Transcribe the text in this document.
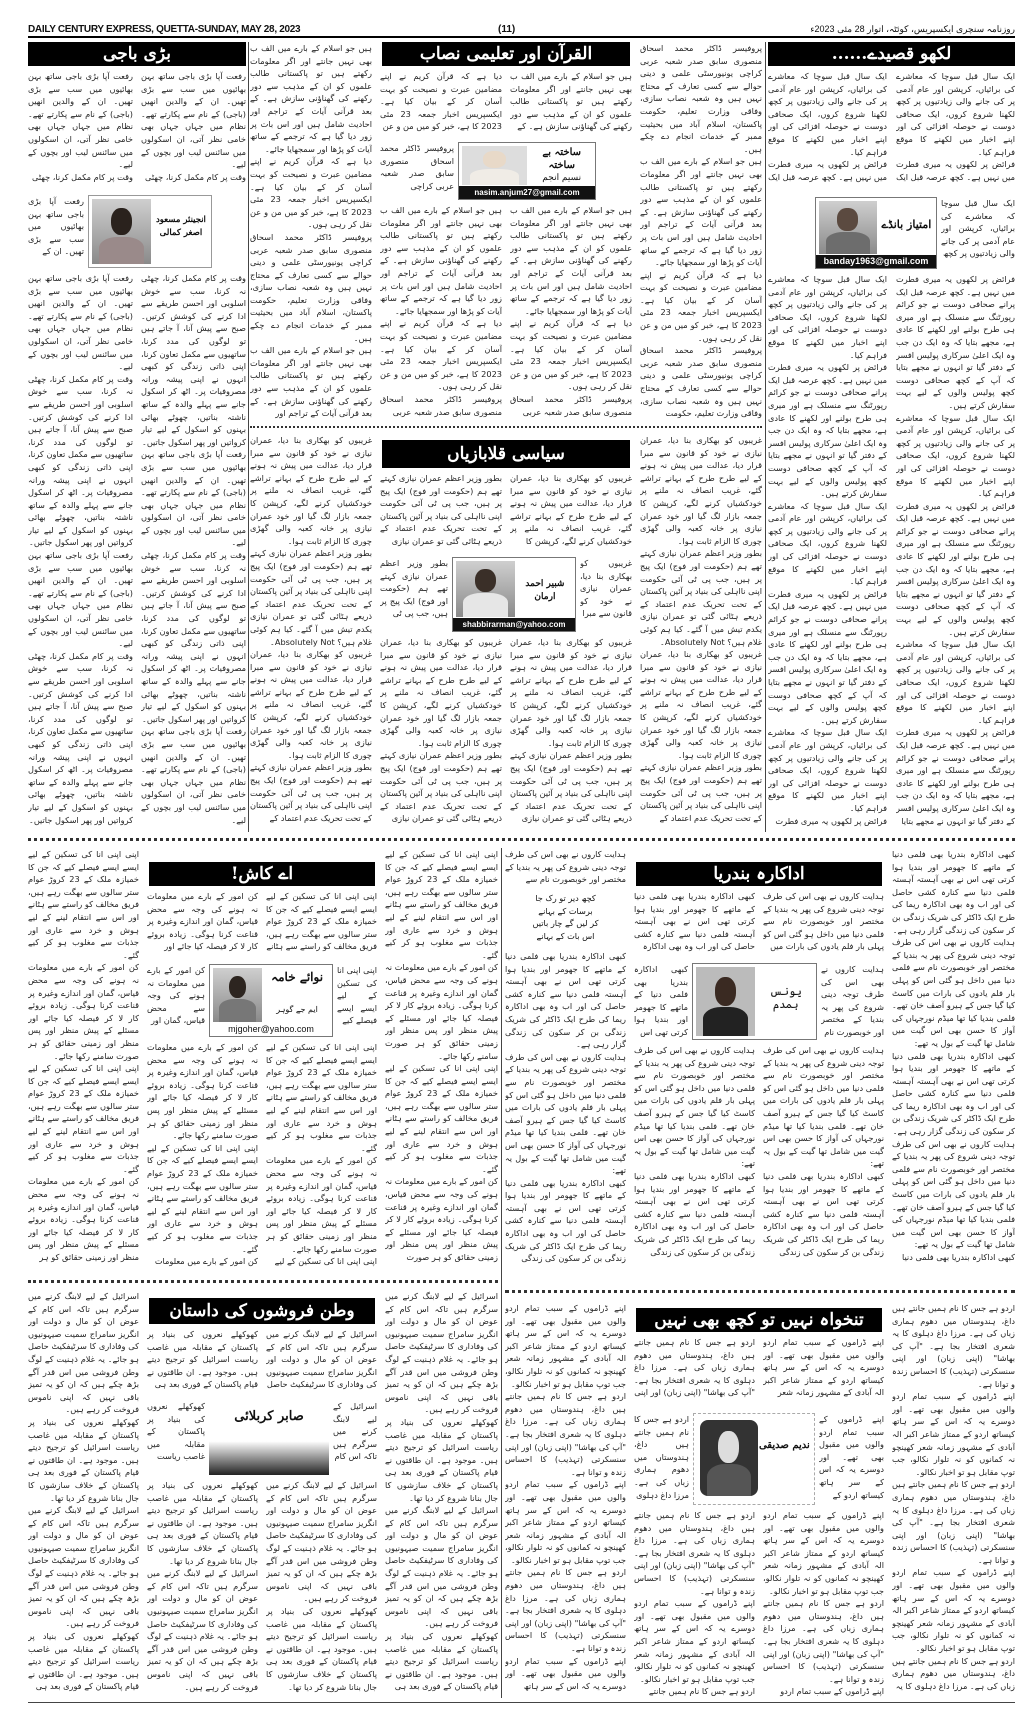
DAILY CENTURY EXPRESS, QUETTA-SUNDAY, MAY 28, 2023	(11)	روزنامہ سنچری ایکسپریس، کوئٹہ، اتوار 28 مئی 2023ء
لکھو قصیدے......

ایک سال قبل سوچا کہ معاشرے کی برائیاں، کرپشن اور عام آدمی پر کی جانے والی زیادتیوں پر کچھ لکھنا شروع کروں، ایک صحافی دوست نے حوصلہ افزائی کی اور اپنے اخبار میں لکھنے کا موقع فراہم کیا۔

فرائض پر لکھوں یہ میری فطرت میں نہیں ہے۔ کچھ عرصہ قبل ایک

ایک سال قبل سوچا کہ معاشرے کی برائیاں، کرپشن اور عام آدمی پر کی جانے والی زیادتیوں پر کچھ لکھنا شروع کروں، ایک صحافی دوست نے حوصلہ افزائی کی اور اپنے اخبار میں لکھنے کا موقع فراہم کیا۔

فرائض پر لکھوں یہ میری فطرت میں نہیں ہے۔ کچھ عرصہ قبل ایک

ایک سال قبل سوچا کہ معاشرے کی برائیاں، کرپشن اور عام آدمی پر کی جانے والی زیادتیوں پر کچھ

فرائض پر لکھوں یہ میری فطرت میں نہیں ہے۔ کچھ عرصہ قبل ایک پرانے صحافی دوست نے جو کرائم رپورٹنگ سے منسلک ہے اور میری ہی طرح بولنے اور لکھنے کا عادی ہے، مجھے بتایا کہ وہ ایک دن جب وہ ایک اعلیٰ سرکاری پولیس افسر کے دفتر گیا تو انہوں نے مجھے بتایا کہ آپ کے کچھ صحافی دوست کچھ پولیس والوں کے لیے بہت سفارش کرتے ہیں۔

ایک سال قبل سوچا کہ معاشرے کی برائیاں، کرپشن اور عام آدمی پر کی جانے والی زیادتیوں پر کچھ لکھنا شروع کروں، ایک صحافی دوست نے حوصلہ افزائی کی اور اپنے اخبار میں لکھنے کا موقع فراہم کیا۔

فرائض پر لکھوں یہ میری فطرت میں نہیں ہے۔ کچھ عرصہ قبل ایک پرانے صحافی دوست نے جو کرائم رپورٹنگ سے منسلک ہے اور میری ہی طرح بولنے اور لکھنے کا عادی ہے، مجھے بتایا کہ وہ ایک دن جب وہ ایک اعلیٰ سرکاری پولیس افسر کے دفتر گیا تو انہوں نے مجھے بتایا کہ آپ کے کچھ صحافی دوست کچھ پولیس والوں کے لیے بہت سفارش کرتے ہیں۔

ایک سال قبل سوچا کہ معاشرے کی برائیاں، کرپشن اور عام آدمی پر کی جانے والی زیادتیوں پر کچھ لکھنا شروع کروں، ایک صحافی دوست نے حوصلہ افزائی کی اور اپنے اخبار میں لکھنے کا موقع فراہم کیا۔

فرائض پر لکھوں یہ میری فطرت میں نہیں ہے۔ کچھ عرصہ قبل ایک پرانے صحافی دوست نے جو کرائم رپورٹنگ سے منسلک ہے اور میری ہی طرح بولنے اور لکھنے کا عادی ہے، مجھے بتایا کہ وہ ایک دن جب وہ ایک اعلیٰ سرکاری پولیس افسر کے دفتر گیا تو انہوں نے مجھے بتایا

ایک سال قبل سوچا کہ معاشرے کی برائیاں، کرپشن اور عام آدمی پر کی جانے والی زیادتیوں پر کچھ لکھنا شروع کروں، ایک صحافی دوست نے حوصلہ افزائی کی اور اپنے اخبار میں لکھنے کا موقع فراہم کیا۔

فرائض پر لکھوں یہ میری فطرت میں نہیں ہے۔ کچھ عرصہ قبل ایک پرانے صحافی دوست نے جو کرائم رپورٹنگ سے منسلک ہے اور میری ہی طرح بولنے اور لکھنے کا عادی ہے، مجھے بتایا کہ وہ ایک دن جب وہ ایک اعلیٰ سرکاری پولیس افسر کے دفتر گیا تو انہوں نے مجھے بتایا کہ آپ کے کچھ صحافی دوست کچھ پولیس والوں کے لیے بہت سفارش کرتے ہیں۔

ایک سال قبل سوچا کہ معاشرے کی برائیاں، کرپشن اور عام آدمی پر کی جانے والی زیادتیوں پر کچھ لکھنا شروع کروں، ایک صحافی دوست نے حوصلہ افزائی کی اور اپنے اخبار میں لکھنے کا موقع فراہم کیا۔

فرائض پر لکھوں یہ میری فطرت میں نہیں ہے۔ کچھ عرصہ قبل ایک پرانے صحافی دوست نے جو کرائم رپورٹنگ سے منسلک ہے اور میری ہی طرح بولنے اور لکھنے کا عادی ہے، مجھے بتایا کہ وہ ایک دن جب وہ ایک اعلیٰ سرکاری پولیس افسر کے دفتر گیا تو انہوں نے مجھے بتایا کہ آپ کے کچھ صحافی دوست کچھ پولیس والوں کے لیے بہت سفارش کرتے ہیں۔

ایک سال قبل سوچا کہ معاشرے کی برائیاں، کرپشن اور عام آدمی پر کی جانے والی زیادتیوں پر کچھ لکھنا شروع کروں، ایک صحافی دوست نے حوصلہ افزائی کی اور اپنے اخبار میں لکھنے کا موقع فراہم کیا۔

فرائض پر لکھوں یہ میری فطرت

امتیاز بانڈے
banday1963@gmail.com
القرآن اور تعلیمی نصاب	پروفیسر ڈاکٹر محمد اسحاق منصوری سابق صدر شعبہ عربی کراچی یونیورسٹی علمی و دینی حوالے سے کسی تعارف کے محتاج نہیں ہیں وہ شعبہ نصاب سازی، وفاقی وزارت تعلیم، حکومت پاکستان، اسلام آباد میں بحیثیت ممبر کے خدمات انجام دے چکے ہیں۔

ہیں جو اسلام کے بارے میں الف ب بھی نہیں جانتے اور اگر معلومات رکھتے ہیں تو پاکستانی طالب علموں کو ان کے مذہب سے دور رکھنے کی گھناؤنی سازش ہے۔ کے بعد قرآنی آیات کے تراجم اور احادیث شامل ہیں اور اس بات پر زور دیا گیا ہے کہ ترجمے کے ساتھ آیات کو پڑھا اور سمجھایا جائے۔

دیا ہے کہ قرآن کریم نے اپنے مضامین عبرت و نصیحت کو بہت آسان کر کے بیان کیا ہے۔ ایکسپریس اخبار جمعہ 23 مئی 2023 کا ہے، خبر کو میں من و عن نقل کر رہی ہوں۔

پروفیسر ڈاکٹر محمد اسحاق منصوری سابق صدر شعبہ عربی کراچی یونیورسٹی علمی و دینی حوالے سے کسی تعارف کے محتاج نہیں ہیں وہ شعبہ نصاب سازی، وفاقی وزارت تعلیم، حکومت

ہیں جو اسلام کے بارے میں الف ب بھی نہیں جانتے اور اگر معلومات رکھتے ہیں تو پاکستانی طالب علموں کو ان کے مذہب سے دور رکھنے کی گھناؤنی سازش ہے۔ کے

دیا ہے کہ قرآن کریم نے اپنے مضامین عبرت و نصیحت کو بہت آسان کر کے بیان کیا ہے۔ ایکسپریس اخبار جمعہ 23 مئی 2023 کا ہے، خبر کو میں من و عن

پروفیسر ڈاکٹر محمد اسحاق منصوری سابق صدر شعبہ عربی کراچی

ہیں جو اسلام کے بارے میں الف ب بھی نہیں جانتے اور اگر معلومات رکھتے ہیں تو پاکستانی طالب علموں کو ان کے مذہب سے دور رکھنے کی گھناؤنی سازش ہے۔ کے بعد قرآنی آیات کے تراجم اور احادیث شامل ہیں اور اس بات پر زور دیا گیا ہے کہ ترجمے کے ساتھ آیات کو پڑھا اور سمجھایا جائے۔

دیا ہے کہ قرآن کریم نے اپنے مضامین عبرت و نصیحت کو بہت آسان کر کے بیان کیا ہے۔ ایکسپریس اخبار جمعہ 23 مئی 2023 کا ہے، خبر کو میں من و عن نقل کر رہی ہوں۔

پروفیسر ڈاکٹر محمد اسحاق منصوری سابق صدر شعبہ عربی

ہیں جو اسلام کے بارے میں الف ب بھی نہیں جانتے اور اگر معلومات رکھتے ہیں تو پاکستانی طالب علموں کو ان کے مذہب سے دور رکھنے کی گھناؤنی سازش ہے۔ کے بعد قرآنی آیات کے تراجم اور احادیث شامل ہیں اور اس بات پر زور دیا گیا ہے کہ ترجمے کے ساتھ آیات کو پڑھا اور سمجھایا جائے۔

دیا ہے کہ قرآن کریم نے اپنے مضامین عبرت و نصیحت کو بہت آسان کر کے بیان کیا ہے۔ ایکسپریس اخبار جمعہ 23 مئی 2023 کا ہے، خبر کو میں من و عن نقل کر رہی ہوں۔

پروفیسر ڈاکٹر محمد اسحاق منصوری سابق صدر شعبہ عربی

ہیں جو اسلام کے بارے میں الف ب بھی نہیں جانتے اور اگر معلومات رکھتے ہیں تو پاکستانی طالب علموں کو ان کے مذہب سے دور رکھنے کی گھناؤنی سازش ہے۔ کے بعد قرآنی آیات کے تراجم اور احادیث شامل ہیں اور اس بات پر زور دیا گیا ہے کہ ترجمے کے ساتھ آیات کو پڑھا اور سمجھایا جائے۔

دیا ہے کہ قرآن کریم نے اپنے مضامین عبرت و نصیحت کو بہت آسان کر کے بیان کیا ہے۔ ایکسپریس اخبار جمعہ 23 مئی 2023 کا ہے، خبر کو میں من و عن نقل کر رہی ہوں۔

پروفیسر ڈاکٹر محمد اسحاق منصوری سابق صدر شعبہ عربی کراچی یونیورسٹی علمی و دینی حوالے سے کسی تعارف کے محتاج نہیں ہیں وہ شعبہ نصاب سازی، وفاقی وزارت تعلیم، حکومت پاکستان، اسلام آباد میں بحیثیت ممبر کے خدمات انجام دے چکے ہیں۔

ہیں جو اسلام کے بارے میں الف ب بھی نہیں جانتے اور اگر معلومات رکھتے ہیں تو پاکستانی طالب علموں کو ان کے مذہب سے دور رکھنے کی گھناؤنی سازش ہے۔ کے بعد قرآنی آیات کے تراجم اور

ساختہ بے ساختہ
نسیم انجم
nasim.anjum27@gmail.com
سیاسی قلابازیاں

غریبوں کو بھکاری بنا دیا، عمران نیازی نے خود کو قانون سے مبرا قرار دیا، عدالت میں پیش نہ ہونے کے لیے طرح طرح کے بہانے تراشے گئے، غریب انصاف نہ ملنے پر خودکشیاں کرنے لگے، کرپشن کا جمعہ بازار لگ گیا اور خود عمران نیازی پر خانہ کعبہ والی گھڑی چوری کا الزام ثابت ہوا۔

بطور وزیر اعظم عمران نیازی کہتے تھے ہم (حکومت اور فوج) ایک پیج پر ہیں، جب پی ٹی آئی حکومت اپنی نااہلی کی بنیاد پر آئین پاکستان کے تحت تحریک عدم اعتماد کے ذریعے ہٹائی گئی تو عمران نیازی یکدم تیش میں آ گئے۔ کیا ہم کوئی غلام ہیں؟ Absolutely Not۔

غریبوں کو بھکاری بنا دیا، عمران نیازی نے خود کو قانون سے مبرا قرار دیا، عدالت میں پیش نہ ہونے کے لیے طرح طرح کے بہانے تراشے گئے، غریب انصاف نہ ملنے پر خودکشیاں کرنے لگے، کرپشن کا جمعہ بازار لگ گیا اور خود عمران نیازی پر خانہ کعبہ والی گھڑی چوری کا الزام ثابت ہوا۔

بطور وزیر اعظم عمران نیازی کہتے تھے ہم (حکومت اور فوج) ایک پیج پر ہیں، جب پی ٹی آئی حکومت اپنی نااہلی کی بنیاد پر آئین پاکستان کے تحت تحریک عدم اعتماد کے

غریبوں کو بھکاری بنا دیا، عمران نیازی نے خود کو قانون سے مبرا قرار دیا، عدالت میں پیش نہ ہونے کے لیے طرح طرح کے بہانے تراشے گئے، غریب انصاف نہ ملنے پر خودکشیاں کرنے لگے، کرپشن کا

بطور وزیر اعظم عمران نیازی کہتے تھے ہم (حکومت اور فوج) ایک پیج پر ہیں، جب پی ٹی آئی حکومت اپنی نااہلی کی بنیاد پر آئین پاکستان کے تحت تحریک عدم اعتماد کے ذریعے ہٹائی گئی تو عمران نیازی

غریبوں کو بھکاری بنا دیا، عمران نیازی نے خود کو قانون سے مبرا

بطور وزیر اعظم عمران نیازی کہتے تھے ہم (حکومت اور فوج) ایک پیج پر ہیں، جب پی ٹی

غریبوں کو بھکاری بنا دیا، عمران نیازی نے خود کو قانون سے مبرا قرار دیا، عدالت میں پیش نہ ہونے کے لیے طرح طرح کے بہانے تراشے گئے، غریب انصاف نہ ملنے پر خودکشیاں کرنے لگے، کرپشن کا جمعہ بازار لگ گیا اور خود عمران نیازی پر خانہ کعبہ والی گھڑی چوری کا الزام ثابت ہوا۔

بطور وزیر اعظم عمران نیازی کہتے تھے ہم (حکومت اور فوج) ایک پیج پر ہیں، جب پی ٹی آئی حکومت اپنی نااہلی کی بنیاد پر آئین پاکستان کے تحت تحریک عدم اعتماد کے ذریعے ہٹائی گئی تو عمران نیازی

غریبوں کو بھکاری بنا دیا، عمران نیازی نے خود کو قانون سے مبرا قرار دیا، عدالت میں پیش نہ ہونے کے لیے طرح طرح کے بہانے تراشے گئے، غریب انصاف نہ ملنے پر خودکشیاں کرنے لگے، کرپشن کا جمعہ بازار لگ گیا اور خود عمران نیازی پر خانہ کعبہ والی گھڑی چوری کا الزام ثابت ہوا۔

بطور وزیر اعظم عمران نیازی کہتے تھے ہم (حکومت اور فوج) ایک پیج پر ہیں، جب پی ٹی آئی حکومت اپنی نااہلی کی بنیاد پر آئین پاکستان کے تحت تحریک عدم اعتماد کے ذریعے ہٹائی گئی تو عمران نیازی

غریبوں کو بھکاری بنا دیا، عمران نیازی نے خود کو قانون سے مبرا قرار دیا، عدالت میں پیش نہ ہونے کے لیے طرح طرح کے بہانے تراشے گئے، غریب انصاف نہ ملنے پر خودکشیاں کرنے لگے، کرپشن کا جمعہ بازار لگ گیا اور خود عمران نیازی پر خانہ کعبہ والی گھڑی چوری کا الزام ثابت ہوا۔

بطور وزیر اعظم عمران نیازی کہتے تھے ہم (حکومت اور فوج) ایک پیج پر ہیں، جب پی ٹی آئی حکومت اپنی نااہلی کی بنیاد پر آئین پاکستان کے تحت تحریک عدم اعتماد کے ذریعے ہٹائی گئی تو عمران نیازی یکدم تیش میں آ گئے۔ کیا ہم کوئی غلام ہیں؟ Absolutely Not۔

غریبوں کو بھکاری بنا دیا، عمران نیازی نے خود کو قانون سے مبرا قرار دیا، عدالت میں پیش نہ ہونے کے لیے طرح طرح کے بہانے تراشے گئے، غریب انصاف نہ ملنے پر خودکشیاں کرنے لگے، کرپشن کا جمعہ بازار لگ گیا اور خود عمران نیازی پر خانہ کعبہ والی گھڑی چوری کا الزام ثابت ہوا۔

بطور وزیر اعظم عمران نیازی کہتے تھے ہم (حکومت اور فوج) ایک پیج پر ہیں، جب پی ٹی آئی حکومت اپنی نااہلی کی بنیاد پر آئین پاکستان کے تحت تحریک عدم اعتماد کے

شبیر احمد ارمان
shabbirarman@yahoo.com
بڑی باجی

رفعت آپا بڑی باجی ساتھ بہن بھائیوں میں سب سے بڑی تھیں۔ ان کے والدین انھیں (باجی) کے نام سے پکارتے تھے۔ نظام میں جہاں جہاں بھی خامی نظر آتی، ان اسکولوں میں سائنس لیب اور بچوں کے لیے۔

وقت پر کام مکمل کرنا، چھٹی

رفعت آپا بڑی باجی ساتھ بہن بھائیوں میں سب سے بڑی تھیں۔ ان کے والدین انھیں (باجی) کے نام سے پکارتے تھے۔ نظام میں جہاں جہاں بھی خامی نظر آتی، ان اسکولوں میں سائنس لیب اور بچوں کے لیے۔

وقت پر کام مکمل کرنا، چھٹی

رفعت آپا بڑی باجی ساتھ بہن بھائیوں میں سب سے بڑی تھیں۔ ان کے

وقت پر کام مکمل کرنا، چھٹی نہ کرنا، سب سے خوش اسلوبی اور احسن طریقے سے ادا کرنے کی کوشش کرتیں۔ صبح سے پیش آنا، آ جاتے ہیں تو لوگوں کی مدد کرنا، ساتھیوں سے مکمل تعاون کرنا، اپنی ذاتی زندگی کو کبھی انہوں نے اپنی پیشہ ورانہ مصروفیات پر۔ اٹھ کر اسکول جانے سے پہلے والدہ کے ساتھ ناشتہ بناتیں، چھوٹے بھائی بہنوں کو اسکول کے لیے تیار کرواتیں اور پھر اسکول جاتیں۔

رفعت آپا بڑی باجی ساتھ بہن بھائیوں میں سب سے بڑی تھیں۔ ان کے والدین انھیں (باجی) کے نام سے پکارتے تھے۔ نظام میں جہاں جہاں بھی خامی نظر آتی، ان اسکولوں میں سائنس لیب اور بچوں کے لیے۔

وقت پر کام مکمل کرنا، چھٹی نہ کرنا، سب سے خوش اسلوبی اور احسن طریقے سے ادا کرنے کی کوشش کرتیں۔ صبح سے پیش آنا، آ جاتے ہیں تو لوگوں کی مدد کرنا، ساتھیوں سے مکمل تعاون کرنا، اپنی ذاتی زندگی کو کبھی انہوں نے اپنی پیشہ ورانہ مصروفیات پر۔ اٹھ کر اسکول جانے سے پہلے والدہ کے ساتھ ناشتہ بناتیں، چھوٹے بھائی بہنوں کو اسکول کے لیے تیار کرواتیں اور پھر اسکول جاتیں۔

رفعت آپا بڑی باجی ساتھ بہن بھائیوں میں سب سے بڑی تھیں۔ ان کے والدین انھیں (باجی) کے نام سے پکارتے تھے۔ نظام میں جہاں جہاں بھی خامی نظر آتی، ان اسکولوں میں سائنس لیب اور بچوں کے لیے۔

رفعت آپا بڑی باجی ساتھ بہن بھائیوں میں سب سے بڑی تھیں۔ ان کے والدین انھیں (باجی) کے نام سے پکارتے تھے۔ نظام میں جہاں جہاں بھی خامی نظر آتی، ان اسکولوں میں سائنس لیب اور بچوں کے لیے۔

وقت پر کام مکمل کرنا، چھٹی نہ کرنا، سب سے خوش اسلوبی اور احسن طریقے سے ادا کرنے کی کوشش کرتیں۔ صبح سے پیش آنا، آ جاتے ہیں تو لوگوں کی مدد کرنا، ساتھیوں سے مکمل تعاون کرنا، اپنی ذاتی زندگی کو کبھی انہوں نے اپنی پیشہ ورانہ مصروفیات پر۔ اٹھ کر اسکول جانے سے پہلے والدہ کے ساتھ ناشتہ بناتیں، چھوٹے بھائی بہنوں کو اسکول کے لیے تیار کرواتیں اور پھر اسکول جاتیں۔

رفعت آپا بڑی باجی ساتھ بہن بھائیوں میں سب سے بڑی تھیں۔ ان کے والدین انھیں (باجی) کے نام سے پکارتے تھے۔ نظام میں جہاں جہاں بھی خامی نظر آتی، ان اسکولوں میں سائنس لیب اور بچوں کے لیے۔

وقت پر کام مکمل کرنا، چھٹی نہ کرنا، سب سے خوش اسلوبی اور احسن طریقے سے ادا کرنے کی کوشش کرتیں۔ صبح سے پیش آنا، آ جاتے ہیں تو لوگوں کی مدد کرنا، ساتھیوں سے مکمل تعاون کرنا، اپنی ذاتی زندگی کو کبھی انہوں نے اپنی پیشہ ورانہ مصروفیات پر۔ اٹھ کر اسکول جانے سے پہلے والدہ کے ساتھ ناشتہ بناتیں، چھوٹے بھائی بہنوں کو اسکول کے لیے تیار کرواتیں اور پھر اسکول جاتیں۔

انجینئر مسعود اصغر کمالی
اداکارہ بندریا

کبھی اداکارہ بندریا بھی فلمی دنیا کے ماتھے کا جھومر اور بندیا ہوا کرتی تھی اس نے بھی آہستہ آہستہ فلمی دنیا سے کنارہ کشی حاصل کی اور اب وہ بھی اداکارہ ریما کی طرح ایک ڈاکٹر کی شریک زندگی بن کر سکون کی زندگی گزار رہی ہے۔

ہدایت کاروں نے بھی اس کی طرف توجہ دینی شروع کی پھر یہ بندیا کے مختصر اور خوبصورت نام سے فلمی دنیا میں داخل ہو گئی اس کو پہلی بار فلم یادوں کی بارات میں کاسٹ کیا گیا جس کے ہیرو آصف خان تھے۔ فلمی بندیا کیا تھا میڈم نورجہاں کی آواز کا حسن بھی اس گیت میں شامل تھا گیت کے بول یہ تھے:

کبھی اداکارہ بندریا بھی فلمی دنیا کے ماتھے کا جھومر اور بندیا ہوا کرتی تھی اس نے بھی آہستہ آہستہ فلمی دنیا سے کنارہ کشی حاصل کی اور اب وہ بھی اداکارہ ریما کی طرح ایک ڈاکٹر کی شریک زندگی بن کر سکون کی زندگی گزار رہی ہے۔

ہدایت کاروں نے بھی اس کی طرف توجہ دینی شروع کی پھر یہ بندیا کے مختصر اور خوبصورت نام سے فلمی دنیا میں داخل ہو گئی اس کو پہلی بار فلم یادوں کی بارات میں کاسٹ کیا گیا جس کے ہیرو آصف خان تھے۔ فلمی بندیا کیا تھا میڈم نورجہاں کی آواز کا حسن بھی اس گیت میں شامل تھا گیت کے بول یہ تھے:

کبھی اداکارہ بندریا بھی فلمی دنیا

ہدایت کاروں نے بھی اس کی طرف توجہ دینی شروع کی پھر یہ بندیا کے مختصر اور خوبصورت نام سے فلمی دنیا میں داخل ہو گئی اس کو پہلی بار فلم یادوں کی بارات میں

کبھی اداکارہ بندریا بھی فلمی دنیا کے ماتھے کا جھومر اور بندیا ہوا کرتی تھی اس نے بھی آہستہ آہستہ فلمی دنیا سے کنارہ کشی حاصل کی اور اب وہ بھی اداکارہ

ہدایت کاروں نے بھی اس کی طرف توجہ دینی شروع کی پھر یہ بندیا کے مختصر اور خوبصورت نام

کبھی اداکارہ بندریا بھی فلمی دنیا کے ماتھے کا جھومر اور بندیا ہوا کرتی تھی اس

ہدایت کاروں نے بھی اس کی طرف توجہ دینی شروع کی پھر یہ بندیا کے مختصر اور خوبصورت نام سے فلمی دنیا میں داخل ہو گئی اس کو پہلی بار فلم یادوں کی بارات میں کاسٹ کیا گیا جس کے ہیرو آصف خان تھے۔ فلمی بندیا کیا تھا میڈم نورجہاں کی آواز کا حسن بھی اس گیت میں شامل تھا گیت کے بول یہ تھے:

کبھی اداکارہ بندریا بھی فلمی دنیا کے ماتھے کا جھومر اور بندیا ہوا کرتی تھی اس نے بھی آہستہ آہستہ فلمی دنیا سے کنارہ کشی حاصل کی اور اب وہ بھی اداکارہ ریما کی طرح ایک ڈاکٹر کی شریک زندگی بن کر سکون کی زندگی

ہدایت کاروں نے بھی اس کی طرف توجہ دینی شروع کی پھر یہ بندیا کے مختصر اور خوبصورت نام سے فلمی دنیا میں داخل ہو گئی اس کو پہلی بار فلم یادوں کی بارات میں کاسٹ کیا گیا جس کے ہیرو آصف خان تھے۔ فلمی بندیا کیا تھا میڈم نورجہاں کی آواز کا حسن بھی اس گیت میں شامل تھا گیت کے بول یہ تھے:

کبھی اداکارہ بندریا بھی فلمی دنیا کے ماتھے کا جھومر اور بندیا ہوا کرتی تھی اس نے بھی آہستہ آہستہ فلمی دنیا سے کنارہ کشی حاصل کی اور اب وہ بھی اداکارہ ریما کی طرح ایک ڈاکٹر کی شریک زندگی بن کر سکون کی زندگی

ہدایت کاروں نے بھی اس کی طرف توجہ دینی شروع کی پھر یہ بندیا کے مختصر اور خوبصورت نام سے

کچھ دیر تو رک جا
برسات کے بہانے
کر لیں گے چار باتیں
اس بات کے بہانے

کبھی اداکارہ بندریا بھی فلمی دنیا کے ماتھے کا جھومر اور بندیا ہوا کرتی تھی اس نے بھی آہستہ آہستہ فلمی دنیا سے کنارہ کشی حاصل کی اور اب وہ بھی اداکارہ ریما کی طرح ایک ڈاکٹر کی شریک زندگی بن کر سکون کی زندگی گزار رہی ہے۔

ہدایت کاروں نے بھی اس کی طرف توجہ دینی شروع کی پھر یہ بندیا کے مختصر اور خوبصورت نام سے فلمی دنیا میں داخل ہو گئی اس کو پہلی بار فلم یادوں کی بارات میں کاسٹ کیا گیا جس کے ہیرو آصف خان تھے۔ فلمی بندیا کیا تھا میڈم نورجہاں کی آواز کا حسن بھی اس گیت میں شامل تھا گیت کے بول یہ تھے:

کبھی اداکارہ بندریا بھی فلمی دنیا کے ماتھے کا جھومر اور بندیا ہوا کرتی تھی اس نے بھی آہستہ آہستہ فلمی دنیا سے کنارہ کشی حاصل کی اور اب وہ بھی اداکارہ ریما کی طرح ایک ڈاکٹر کی شریک زندگی بن کر سکون کی زندگی

یونس ہمدم
اے کاش!

اپنی اپنی انا کی تسکین کے لیے ایسے ایسے فیصلے کیے کہ جن کا خمیازہ ملک کے 23 کروڑ عوام ستر سالوں سے بھگت رہے ہیں، فریق مخالف کو راستے سے ہٹانے اور اس سے انتقام لینے کے لیے ہوش و خرد سے عاری اور جذبات سے مغلوب ہو کر کیے گئے۔

کن امور کے بارے میں معلومات نہ ہونے کی وجہ سے محض قیاس، گمان اور اندازے وغیرہ پر قناعت کرنا ہوگی۔ زیادہ بروئے کار لا کر فیصلہ کیا جائے اور مسئلے کے پیش منظر اور پس منظر اور زمینی حقائق کو ہر صورت سامنے رکھا جائے۔

اپنی اپنی انا کی تسکین کے لیے ایسے ایسے فیصلے کیے کہ جن کا خمیازہ ملک کے 23 کروڑ عوام ستر سالوں سے بھگت رہے ہیں، فریق مخالف کو راستے سے ہٹانے اور اس سے انتقام لینے کے لیے ہوش و خرد سے عاری اور جذبات سے مغلوب ہو کر کیے گئے۔

کن امور کے بارے میں معلومات نہ ہونے کی وجہ سے محض قیاس، گمان اور اندازے وغیرہ پر قناعت کرنا ہوگی۔ زیادہ بروئے کار لا کر فیصلہ کیا جائے اور مسئلے کے پیش منظر اور پس منظر اور زمینی حقائق کو ہر صورت

اپنی اپنی انا کی تسکین کے لیے ایسے ایسے فیصلے کیے کہ جن کا خمیازہ ملک کے 23 کروڑ عوام ستر سالوں سے بھگت رہے ہیں، فریق مخالف کو راستے سے ہٹانے

کن امور کے بارے میں معلومات نہ ہونے کی وجہ سے محض قیاس، گمان اور اندازے وغیرہ پر قناعت کرنا ہوگی۔ زیادہ بروئے کار لا کر فیصلہ کیا جائے اور

اپنی اپنی انا کی تسکین کے لیے ایسے ایسے فیصلے کیے

کن امور کے بارے میں معلومات نہ ہونے کی وجہ سے محض قیاس، گمان اور

اپنی اپنی انا کی تسکین کے لیے ایسے ایسے فیصلے کیے کہ جن کا خمیازہ ملک کے 23 کروڑ عوام ستر سالوں سے بھگت رہے ہیں، فریق مخالف کو راستے سے ہٹانے اور اس سے انتقام لینے کے لیے ہوش و خرد سے عاری اور جذبات سے مغلوب ہو کر کیے گئے۔

کن امور کے بارے میں معلومات نہ ہونے کی وجہ سے محض قیاس، گمان اور اندازے وغیرہ پر قناعت کرنا ہوگی۔ زیادہ بروئے کار لا کر فیصلہ کیا جائے اور مسئلے کے پیش منظر اور پس منظر اور زمینی حقائق کو ہر صورت سامنے رکھا جائے۔

اپنی اپنی انا کی تسکین کے لیے

کن امور کے بارے میں معلومات نہ ہونے کی وجہ سے محض قیاس، گمان اور اندازے وغیرہ پر قناعت کرنا ہوگی۔ زیادہ بروئے کار لا کر فیصلہ کیا جائے اور مسئلے کے پیش منظر اور پس منظر اور زمینی حقائق کو ہر صورت سامنے رکھا جائے۔

اپنی اپنی انا کی تسکین کے لیے ایسے ایسے فیصلے کیے کہ جن کا خمیازہ ملک کے 23 کروڑ عوام ستر سالوں سے بھگت رہے ہیں، فریق مخالف کو راستے سے ہٹانے اور اس سے انتقام لینے کے لیے ہوش و خرد سے عاری اور جذبات سے مغلوب ہو کر کیے گئے۔

کن امور کے بارے میں معلومات

اپنی اپنی انا کی تسکین کے لیے ایسے ایسے فیصلے کیے کہ جن کا خمیازہ ملک کے 23 کروڑ عوام ستر سالوں سے بھگت رہے ہیں، فریق مخالف کو راستے سے ہٹانے اور اس سے انتقام لینے کے لیے ہوش و خرد سے عاری اور جذبات سے مغلوب ہو کر کیے گئے۔

کن امور کے بارے میں معلومات نہ ہونے کی وجہ سے محض قیاس، گمان اور اندازے وغیرہ پر قناعت کرنا ہوگی۔ زیادہ بروئے کار لا کر فیصلہ کیا جائے اور مسئلے کے پیش منظر اور پس منظر اور زمینی حقائق کو ہر صورت سامنے رکھا جائے۔

اپنی اپنی انا کی تسکین کے لیے ایسے ایسے فیصلے کیے کہ جن کا خمیازہ ملک کے 23 کروڑ عوام ستر سالوں سے بھگت رہے ہیں، فریق مخالف کو راستے سے ہٹانے اور اس سے انتقام لینے کے لیے ہوش و خرد سے عاری اور جذبات سے مغلوب ہو کر کیے گئے۔

کن امور کے بارے میں معلومات نہ ہونے کی وجہ سے محض قیاس، گمان اور اندازے وغیرہ پر قناعت کرنا ہوگی۔ زیادہ بروئے کار لا کر فیصلہ کیا جائے اور مسئلے کے پیش منظر اور پس منظر اور زمینی حقائق کو ہر

نوائے خامہ
ایم جے گوہر
mjgoher@yahoo.com
وطن فروشوں کی داستان

اسرائیل کے لیے لابنگ کرنے میں سرگرم ہیں تاکہ اس کام کے عوض ان کو مال و دولت اور انگریز سامراج سمیت صیہونیوں کی وفاداری کا سرٹیفکیٹ حاصل ہو جائے۔ یہ غلام ذہنیت کے لوگ وطن فروشی میں اس قدر آگے بڑھ چکے ہیں کہ ان کو یہ تمیز باقی نہیں کہ اپنی ناموس فروخت کر رہے ہیں۔

کھوکھلے نعروں کی بنیاد پر پاکستان کے مقابلہ میں غاصب ریاست اسرائیل کو ترجیح دیتے ہیں۔ موجود ہے۔ ان طاقتوں نے قیام پاکستان کے فوری بعد ہی پاکستان کے خلاف سازشوں کا جال بنانا شروع کر دیا تھا۔

اسرائیل کے لیے لابنگ کرنے میں سرگرم ہیں تاکہ اس کام کے عوض ان کو مال و دولت اور انگریز سامراج سمیت صیہونیوں کی وفاداری کا سرٹیفکیٹ حاصل ہو جائے۔ یہ غلام ذہنیت کے لوگ وطن فروشی میں اس قدر آگے بڑھ چکے ہیں کہ ان کو یہ تمیز باقی نہیں کہ اپنی ناموس فروخت کر رہے ہیں۔

کھوکھلے نعروں کی بنیاد پر پاکستان کے مقابلہ میں غاصب ریاست اسرائیل کو ترجیح دیتے ہیں۔ موجود ہے۔ ان طاقتوں نے قیام پاکستان کے فوری بعد ہی

اسرائیل کے لیے لابنگ کرنے میں سرگرم ہیں تاکہ اس کام کے عوض ان کو مال و دولت اور انگریز سامراج سمیت صیہونیوں کی وفاداری کا سرٹیفکیٹ حاصل

کھوکھلے نعروں کی بنیاد پر پاکستان کے مقابلہ میں غاصب ریاست اسرائیل کو ترجیح دیتے ہیں۔ موجود ہے۔ ان طاقتوں نے قیام پاکستان کے فوری بعد ہی

اسرائیل کے لیے لابنگ کرنے میں سرگرم ہیں تاکہ اس کام

کھوکھلے نعروں کی بنیاد پر پاکستان کے مقابلہ میں غاصب ریاست

اسرائیل کے لیے لابنگ کرنے میں سرگرم ہیں تاکہ اس کام کے عوض ان کو مال و دولت اور انگریز سامراج سمیت صیہونیوں کی وفاداری کا سرٹیفکیٹ حاصل ہو جائے۔ یہ غلام ذہنیت کے لوگ وطن فروشی میں اس قدر آگے بڑھ چکے ہیں کہ ان کو یہ تمیز باقی نہیں کہ اپنی ناموس فروخت کر رہے ہیں۔

کھوکھلے نعروں کی بنیاد پر پاکستان کے مقابلہ میں غاصب ریاست اسرائیل کو ترجیح دیتے ہیں۔ موجود ہے۔ ان طاقتوں نے قیام پاکستان کے فوری بعد ہی پاکستان کے خلاف سازشوں کا جال بنانا شروع کر دیا تھا۔

کھوکھلے نعروں کی بنیاد پر پاکستان کے مقابلہ میں غاصب ریاست اسرائیل کو ترجیح دیتے ہیں۔ موجود ہے۔ ان طاقتوں نے قیام پاکستان کے فوری بعد ہی پاکستان کے خلاف سازشوں کا جال بنانا شروع کر دیا تھا۔

اسرائیل کے لیے لابنگ کرنے میں سرگرم ہیں تاکہ اس کام کے عوض ان کو مال و دولت اور انگریز سامراج سمیت صیہونیوں کی وفاداری کا سرٹیفکیٹ حاصل ہو جائے۔ یہ غلام ذہنیت کے لوگ وطن فروشی میں اس قدر آگے بڑھ چکے ہیں کہ ان کو یہ تمیز باقی نہیں کہ اپنی ناموس فروخت کر رہے ہیں۔

اسرائیل کے لیے لابنگ کرنے میں سرگرم ہیں تاکہ اس کام کے عوض ان کو مال و دولت اور انگریز سامراج سمیت صیہونیوں کی وفاداری کا سرٹیفکیٹ حاصل ہو جائے۔ یہ غلام ذہنیت کے لوگ وطن فروشی میں اس قدر آگے بڑھ چکے ہیں کہ ان کو یہ تمیز باقی نہیں کہ اپنی ناموس فروخت کر رہے ہیں۔

کھوکھلے نعروں کی بنیاد پر پاکستان کے مقابلہ میں غاصب ریاست اسرائیل کو ترجیح دیتے ہیں۔ موجود ہے۔ ان طاقتوں نے قیام پاکستان کے فوری بعد ہی پاکستان کے خلاف سازشوں کا جال بنانا شروع کر دیا تھا۔

اسرائیل کے لیے لابنگ کرنے میں سرگرم ہیں تاکہ اس کام کے عوض ان کو مال و دولت اور انگریز سامراج سمیت صیہونیوں کی وفاداری کا سرٹیفکیٹ حاصل ہو جائے۔ یہ غلام ذہنیت کے لوگ وطن فروشی میں اس قدر آگے بڑھ چکے ہیں کہ ان کو یہ تمیز باقی نہیں کہ اپنی ناموس فروخت کر رہے ہیں۔

کھوکھلے نعروں کی بنیاد پر پاکستان کے مقابلہ میں غاصب ریاست اسرائیل کو ترجیح دیتے ہیں۔ موجود ہے۔ ان طاقتوں نے قیام پاکستان کے فوری بعد ہی

صابر کربلائی
تنخواہ نہیں تو کچھ بھی نہیں

اردو ہے جس کا نام ہمیں جانتے ہیں داغ، ہندوستاں میں دھوم ہماری زباں کی ہے۔ مرزا داغ دہلوی کا یہ شعری افتخار بجا ہے۔ "آپ کی بھاشا" (اپنی زبان) اور اپنی سنسکرتی (تہذیب) کا احساس زندہ و توانا ہے۔

اپنے ڈراموں کے سبب تمام اردو والوں میں مقبول بھی تھے۔ اور دوسرے یہ کہ اس کے سر ہاتھ کیساتھ اردو کے ممتاز شاعر اکبر الہ آبادی کے مشہور زمانہ شعر کھینچو نہ کمانوں کو نہ تلوار نکالو، جب توپ مقابل ہو تو اخبار نکالو۔

اردو ہے جس کا نام ہمیں جانتے ہیں داغ، ہندوستاں میں دھوم ہماری زباں کی ہے۔ مرزا داغ دہلوی کا یہ شعری افتخار بجا ہے۔ "آپ کی بھاشا" (اپنی زبان) اور اپنی سنسکرتی (تہذیب) کا احساس زندہ و توانا ہے۔

اپنے ڈراموں کے سبب تمام اردو والوں میں مقبول بھی تھے۔ اور دوسرے یہ کہ اس کے سر ہاتھ کیساتھ اردو کے ممتاز شاعر اکبر الہ آبادی کے مشہور زمانہ شعر کھینچو نہ کمانوں کو نہ تلوار نکالو، جب توپ مقابل ہو تو اخبار نکالو۔

اردو ہے جس کا نام ہمیں جانتے ہیں داغ، ہندوستاں میں دھوم ہماری زباں کی ہے۔ مرزا داغ دہلوی کا یہ

اپنے ڈراموں کے سبب تمام اردو والوں میں مقبول بھی تھے۔ اور دوسرے یہ کہ اس کے سر ہاتھ کیساتھ اردو کے ممتاز شاعر اکبر الہ آبادی کے مشہور زمانہ شعر

اردو ہے جس کا نام ہمیں جانتے ہیں داغ، ہندوستاں میں دھوم ہماری زباں کی ہے۔ مرزا داغ دہلوی کا یہ شعری افتخار بجا ہے۔ "آپ کی بھاشا" (اپنی زبان) اور اپنی

اپنے ڈراموں کے سبب تمام اردو والوں میں مقبول بھی تھے۔ اور دوسرے یہ کہ اس کے سر ہاتھ کیساتھ اردو کے

اردو ہے جس کا نام ہمیں جانتے ہیں داغ، ہندوستاں میں دھوم ہماری زباں کی ہے۔ مرزا داغ دہلوی

اپنے ڈراموں کے سبب تمام اردو والوں میں مقبول بھی تھے۔ اور دوسرے یہ کہ اس کے سر ہاتھ کیساتھ اردو کے ممتاز شاعر اکبر الہ آبادی کے مشہور زمانہ شعر کھینچو نہ کمانوں کو نہ تلوار نکالو، جب توپ مقابل ہو تو اخبار نکالو۔

اردو ہے جس کا نام ہمیں جانتے ہیں داغ، ہندوستاں میں دھوم ہماری زباں کی ہے۔ مرزا داغ دہلوی کا یہ شعری افتخار بجا ہے۔ "آپ کی بھاشا" (اپنی زبان) اور اپنی سنسکرتی (تہذیب) کا احساس زندہ و توانا ہے۔

اپنے ڈراموں کے سبب تمام اردو

اردو ہے جس کا نام ہمیں جانتے ہیں داغ، ہندوستاں میں دھوم ہماری زباں کی ہے۔ مرزا داغ دہلوی کا یہ شعری افتخار بجا ہے۔ "آپ کی بھاشا" (اپنی زبان) اور اپنی سنسکرتی (تہذیب) کا احساس زندہ و توانا ہے۔

اپنے ڈراموں کے سبب تمام اردو والوں میں مقبول بھی تھے۔ اور دوسرے یہ کہ اس کے سر ہاتھ کیساتھ اردو کے ممتاز شاعر اکبر الہ آبادی کے مشہور زمانہ شعر کھینچو نہ کمانوں کو نہ تلوار نکالو، جب توپ مقابل ہو تو اخبار نکالو۔

اردو ہے جس کا نام ہمیں جانتے

اپنے ڈراموں کے سبب تمام اردو والوں میں مقبول بھی تھے۔ اور دوسرے یہ کہ اس کے سر ہاتھ کیساتھ اردو کے ممتاز شاعر اکبر الہ آبادی کے مشہور زمانہ شعر کھینچو نہ کمانوں کو نہ تلوار نکالو، جب توپ مقابل ہو تو اخبار نکالو۔

اردو ہے جس کا نام ہمیں جانتے ہیں داغ، ہندوستاں میں دھوم ہماری زباں کی ہے۔ مرزا داغ دہلوی کا یہ شعری افتخار بجا ہے۔ "آپ کی بھاشا" (اپنی زبان) اور اپنی سنسکرتی (تہذیب) کا احساس زندہ و توانا ہے۔

اپنے ڈراموں کے سبب تمام اردو والوں میں مقبول بھی تھے۔ اور دوسرے یہ کہ اس کے سر ہاتھ کیساتھ اردو کے ممتاز شاعر اکبر الہ آبادی کے مشہور زمانہ شعر کھینچو نہ کمانوں کو نہ تلوار نکالو، جب توپ مقابل ہو تو اخبار نکالو۔

اردو ہے جس کا نام ہمیں جانتے ہیں داغ، ہندوستاں میں دھوم ہماری زباں کی ہے۔ مرزا داغ دہلوی کا یہ شعری افتخار بجا ہے۔ "آپ کی بھاشا" (اپنی زبان) اور اپنی سنسکرتی (تہذیب) کا احساس زندہ و توانا ہے۔

اپنے ڈراموں کے سبب تمام اردو والوں میں مقبول بھی تھے۔ اور دوسرے یہ کہ اس کے سر ہاتھ

ندیم صدیقی
